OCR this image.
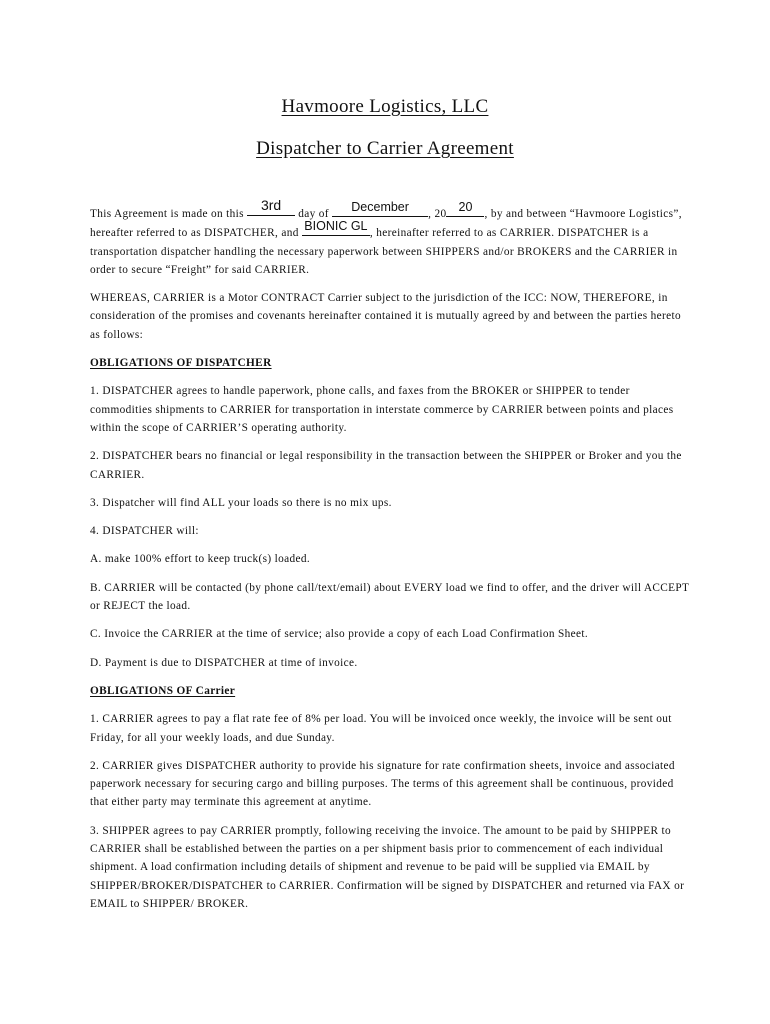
Havmoore Logistics, LLC
Dispatcher to Carrier Agreement

This Agreement is made on this 3rd day of December , 20 20 , by and between “Havmoore Logistics”, hereafter referred to as DISPATCHER, and BIONIC GL , hereinafter referred to as CARRIER. DISPATCHER is a transportation dispatcher handling the necessary paperwork between SHIPPERS and/or BROKERS and the CARRIER in order to secure “Freight” for said CARRIER.

WHEREAS, CARRIER is a Motor CONTRACT Carrier subject to the jurisdiction of the ICC: NOW, THEREFORE, in consideration of the promises and covenants hereinafter contained it is mutually agreed by and between the parties hereto as follows:

OBLIGATIONS OF DISPATCHER

1. DISPATCHER agrees to handle paperwork, phone calls, and faxes from the BROKER or SHIPPER to tender commodities shipments to CARRIER for transportation in interstate commerce by CARRIER between points and places within the scope of CARRIER’S operating authority.

2. DISPATCHER bears no financial or legal responsibility in the transaction between the SHIPPER or Broker and you the CARRIER.

3. Dispatcher will find ALL your loads so there is no mix ups.

4. DISPATCHER will:

A. make 100% effort to keep truck(s) loaded.

B. CARRIER will be contacted (by phone call/text/email) about EVERY load we find to offer, and the driver will ACCEPT or REJECT the load.

C. Invoice the CARRIER at the time of service; also provide a copy of each Load Confirmation Sheet.

D. Payment is due to DISPATCHER at time of invoice.

OBLIGATIONS OF Carrier

1. CARRIER agrees to pay a flat rate fee of 8% per load. You will be invoiced once weekly, the invoice will be sent out Friday, for all your weekly loads, and due Sunday.

2. CARRIER gives DISPATCHER authority to provide his signature for rate confirmation sheets, invoice and associated paperwork necessary for securing cargo and billing purposes. The terms of this agreement shall be continuous, provided that either party may terminate this agreement at anytime.

3. SHIPPER agrees to pay CARRIER promptly, following receiving the invoice. The amount to be paid by SHIPPER to CARRIER shall be established between the parties on a per shipment basis prior to commencement of each individual shipment. A load confirmation including details of shipment and revenue to be paid will be supplied via EMAIL by SHIPPER/BROKER/DISPATCHER to CARRIER. Confirmation will be signed by DISPATCHER and returned via FAX or EMAIL to SHIPPER/ BROKER.
